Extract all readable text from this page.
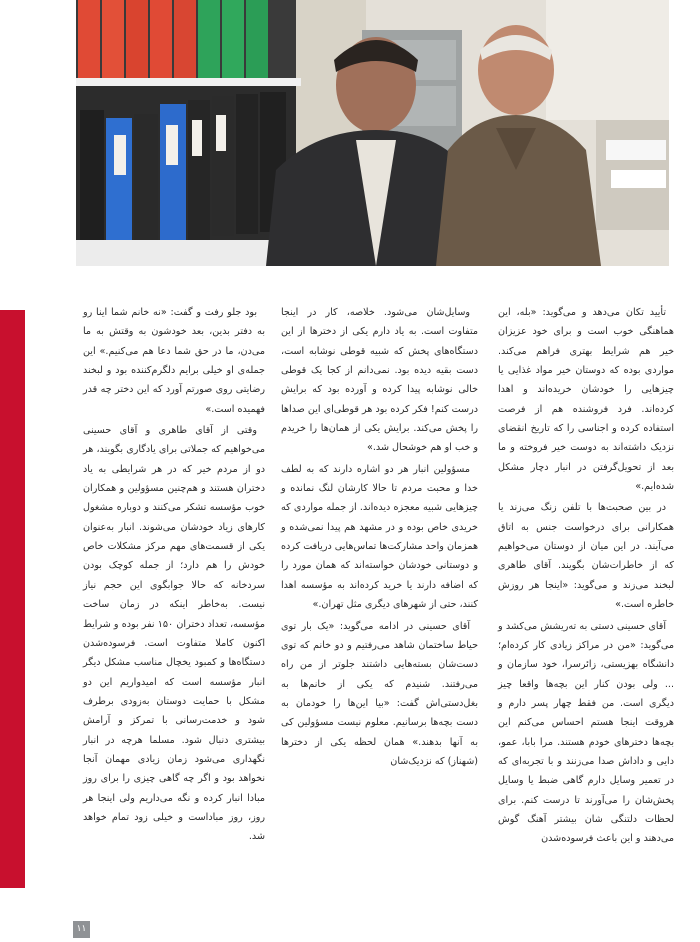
تأیید تکان می‌دهد و می‌گوید: «بله، این هماهنگی خوب است و برای خود عزیزان خیر هم شرایط بهتری فراهم می‌کند. مواردی بوده که دوستان خیر مواد غذایی یا چیزهایی را خودشان خریده‌اند و اهدا کرده‌اند. فرد فروشنده هم از فرصت استفاده کرده و اجناسی را که تاریخ انقضای نزدیک داشته‌اند به دوست خیر فروخته و ما بعد از تحویل‌گرفتن در انبار دچار مشکل شده‌ایم.»

در بین صحبت‌ها با تلفن زنگ می‌زند یا همکارانی برای درخواست جنس به اتاق می‌آیند. در این میان از دوستان می‌خواهیم که از خاطرات‌شان بگویند. آقای طاهری لبخند می‌زند و می‌گوید: «اینجا هر روزش خاطره است.»

آقای حسینی دستی به ته‌ریشش می‌کشد و می‌گوید: «من در مراکز زیادی کار کرده‌ام؛ دانشگاه بهزیستی، زائرسرا، خود سازمان و ... ولی بودن کنار این بچه‌ها واقعا چیز دیگری است. من فقط چهار پسر دارم و هروقت اینجا هستم احساس می‌کنم این بچه‌ها دخترهای خودم هستند. مرا بابا، عمو، دایی و داداش صدا می‌زنند و با تجربه‌ای که در تعمیر وسایل دارم گاهی ضبط یا وسایل پخش‌شان را می‌آورند تا درست کنم. برای لحظات دلتنگی شان بیشتر آهنگ گوش می‌دهند و این باعث فرسوده‌شدن

وسایل‌شان می‌شود. خلاصه، کار در اینجا متفاوت است. به یاد دارم یکی از دخترها از این دستگاه‌های پخش که شبیه قوطی نوشابه است، دست بقیه دیده بود. نمی‌دانم از کجا یک قوطی خالی نوشابه پیدا کرده و آورده بود که برایش درست کنم! فکر کرده بود هر قوطی‌ای این صداها را پخش می‌کند. برایش یکی از همان‌ها را خریدم و خب او هم خوشحال شد.»

مسؤولین انبار هر دو اشاره دارند که به لطف خدا و محبت مردم تا حالا کارشان لنگ نمانده و چیزهایی شبیه معجزه دیده‌اند. از جمله مواردی که خریدی خاص بوده و در مشهد هم پیدا نمی‌شده و همزمان واحد مشارکت‌ها تماس‌هایی دریافت کرده و دوستانی خودشان خواسته‌اند که همان مورد را که اضافه دارند یا خرید کرده‌اند به مؤسسه اهدا کنند، حتی از شهرهای دیگری مثل تهران.»

آقای حسینی در ادامه می‌گوید: «یک بار توی حیاط ساختمان شاهد می‌رفتیم و دو خانم که توی دست‌شان بسته‌هایی داشتند جلوتر از من راه می‌رفتند. شنیدم که یکی از خانم‌ها به بغل‌دستی‌اش گفت: «بیا این‌ها را خودمان به دست بچه‌ها برسانیم. معلوم نیست مسؤولین کی به آنها بدهند.» همان لحظه یکی از دخترها (شهناز) که نزدیک‌شان

بود جلو رفت و گفت: «نه خانم شما اینا رو به دفتر بدین، بعد خودشون به وقتش به ما می‌دن، ما در حق شما دعا هم می‌کنیم.» این جمله‌ی او خیلی برایم دلگرم‌کننده بود و لبخند رضایتی روی صورتم آورد که این دختر چه قدر فهمیده است.»

وقتی از آقای طاهری و آقای حسینی می‌خواهیم که جملاتی برای یادگاری بگویند، هر دو از مردم خیر که در هر شرایطی به یاد دختران هستند و هم‌چنین مسؤولین و همکاران خوب مؤسسه تشکر می‌کنند و دوباره مشغول کارهای زیاد خودشان می‌شوند. انبار به‌عنوان یکی از قسمت‌های مهم مرکز مشکلات خاص خودش را هم دارد؛ از جمله کوچک بودن سردخانه که حالا جوابگوی این حجم نیاز نیست. به‌خاطر اینکه در زمان ساخت مؤسسه، تعداد دختران ۱۵۰ نفر بوده و شرایط اکنون کاملا متفاوت است. فرسوده‌شدن دستگاه‌ها و کمبود یخچال مناسب مشکل دیگر انبار مؤسسه است که امیدواریم این دو مشکل با حمایت دوستان به‌زودی برطرف شود و خدمت‌رسانی با تمرکز و آرامش بیشتری دنبال شود. مسلما هرچه در انبار نگهداری می‌شود زمان زیادی مهمان آنجا نخواهد بود و اگر چه گاهی چیزی را برای روز مبادا انبار کرده و نگه می‌داریم ولی اینجا هر روز، روز مباداست و خیلی زود تمام خواهد شد.

۱۱
